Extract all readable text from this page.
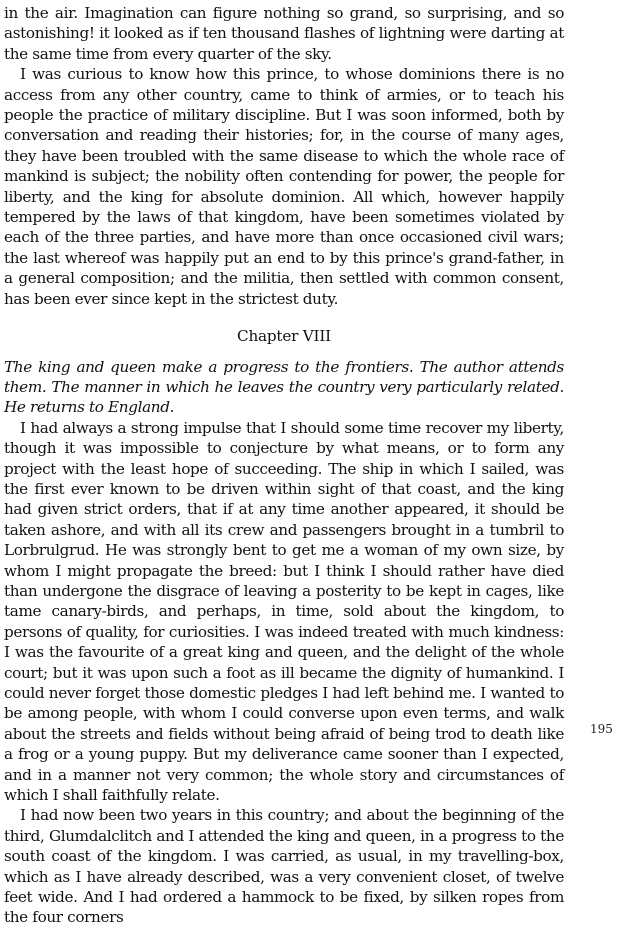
in the air. Imagination can figure nothing so grand, so surprising, and so astonishing! it looked as if ten thousand flashes of lightning were darting at the same time from every quarter of the sky.

I was curious to know how this prince, to whose dominions there is no access from any other country, came to think of armies, or to teach his people the practice of military discipline. But I was soon informed, both by conversation and reading their histories; for, in the course of many ages, they have been troubled with the same disease to which the whole race of mankind is subject; the nobility often contending for power, the people for liberty, and the king for absolute dominion. All which, however happily tempered by the laws of that kingdom, have been sometimes violated by each of the three parties, and have more than once occasioned civil wars; the last whereof was happily put an end to by this prince's grand-father, in a general composition; and the militia, then settled with common consent, has been ever since kept in the strictest duty.

Chapter VIII

The king and queen make a progress to the frontiers. The author attends them. The manner in which he leaves the country very particularly related. He returns to England.

I had always a strong impulse that I should some time recover my liberty, though it was impossible to conjecture by what means, or to form any project with the least hope of succeeding. The ship in which I sailed, was the first ever known to be driven within sight of that coast, and the king had given strict orders, that if at any time another appeared, it should be taken ashore, and with all its crew and passengers brought in a tumbril to Lorbrulgrud. He was strongly bent to get me a woman of my own size, by whom I might propagate the breed: but I think I should rather have died than undergone the disgrace of leaving a posterity to be kept in cages, like tame canary-birds, and perhaps, in time, sold about the kingdom, to persons of quality, for curiosities. I was indeed treated with much kindness: I was the favourite of a great king and queen, and the delight of the whole court; but it was upon such a foot as ill became the dignity of humankind. I could never forget those domestic pledges I had left behind me. I wanted to be among people, with whom I could converse upon even terms, and walk about the streets and fields without being afraid of being trod to death like a frog or a young puppy. But my deliverance came sooner than I expected, and in a manner not very common; the whole story and circumstances of which I shall faithfully relate.

I had now been two years in this country; and about the beginning of the third, Glumdalclitch and I attended the king and queen, in a progress to the south coast of the kingdom. I was carried, as usual, in my travelling-box, which as I have already described, was a very convenient closet, of twelve feet wide. And I had ordered a hammock to be fixed, by silken ropes from the four corners

195
